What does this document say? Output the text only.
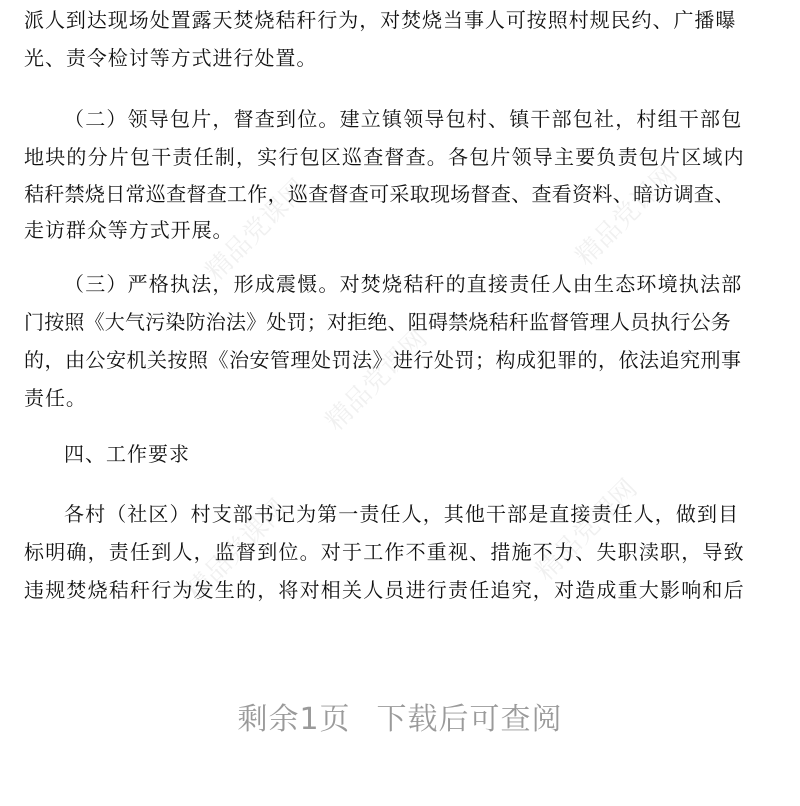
精品党课网	精品党课网
精品党课网
精品党课网	精品党课网
派人到达现场处置露天焚烧秸秆行为，对焚烧当事人可按照村规民约、广播曝
光、责令检讨等方式进行处置。
（二）领导包片，督查到位。建立镇领导包村、镇干部包社，村组干部包
地块的分片包干责任制，实行包区巡查督查。各包片领导主要负责包片区域内
秸秆禁烧日常巡查督查工作，巡查督查可采取现场督查、查看资料、暗访调查、
走访群众等方式开展。
（三）严格执法，形成震慑。对焚烧秸秆的直接责任人由生态环境执法部
门按照《大气污染防治法》处罚；对拒绝、阻碍禁烧秸秆监督管理人员执行公务
的，由公安机关按照《治安管理处罚法》进行处罚；构成犯罪的，依法追究刑事
责任。
四、工作要求
各村（社区）村支部书记为第一责任人，其他干部是直接责任人，做到目
标明确，责任到人，监督到位。对于工作不重视、措施不力、失职渎职，导致
违规焚烧秸秆行为发生的，将对相关人员进行责任追究，对造成重大影响和后
剩余1页 下载后可查阅
